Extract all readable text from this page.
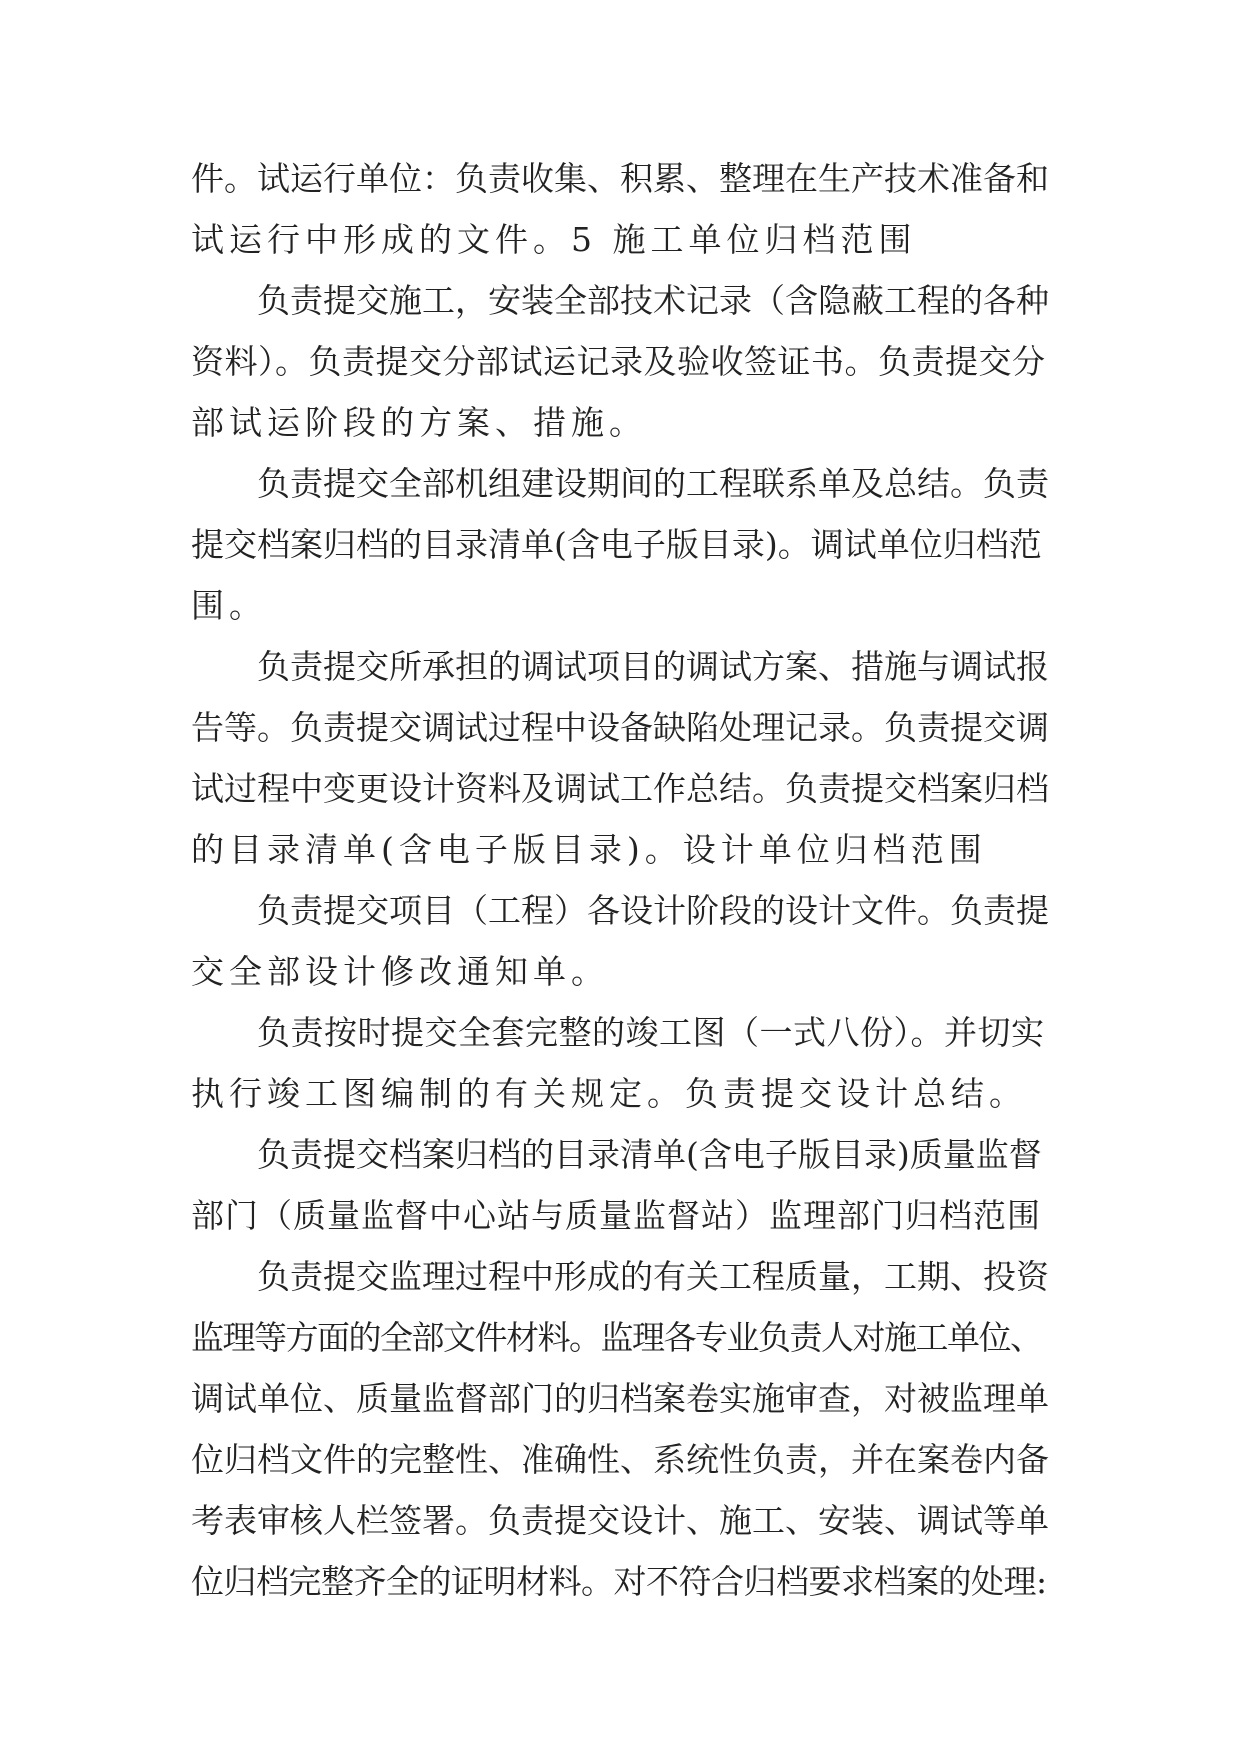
件。试运行单位：负责收集、积累、整理在生产技术准备和
试运行中形成的文件。5 施工单位归档范围
负责提交施工，安装全部技术记录（含隐蔽工程的各种
资料）。负责提交分部试运记录及验收签证书。负责提交分
部试运阶段的方案、措施。
负责提交全部机组建设期间的工程联系单及总结。负责
提交档案归档的目录清单(含电子版目录)。调试单位归档范
围。
负责提交所承担的调试项目的调试方案、措施与调试报
告等。负责提交调试过程中设备缺陷处理记录。负责提交调
试过程中变更设计资料及调试工作总结。负责提交档案归档
的目录清单(含电子版目录)。设计单位归档范围
负责提交项目（工程）各设计阶段的设计文件。负责提
交全部设计修改通知单。
负责按时提交全套完整的竣工图（一式八份）。并切实
执行竣工图编制的有关规定。负责提交设计总结。
负责提交档案归档的目录清单(含电子版目录)质量监督
部门（质量监督中心站与质量监督站）监理部门归档范围
负责提交监理过程中形成的有关工程质量，工期、投资
监理等方面的全部文件材料。监理各专业负责人对施工单位、
调试单位、质量监督部门的归档案卷实施审查，对被监理单
位归档文件的完整性、准确性、系统性负责，并在案卷内备
考表审核人栏签署。负责提交设计、施工、安装、调试等单
位归档完整齐全的证明材料。对不符合归档要求档案的处理:
